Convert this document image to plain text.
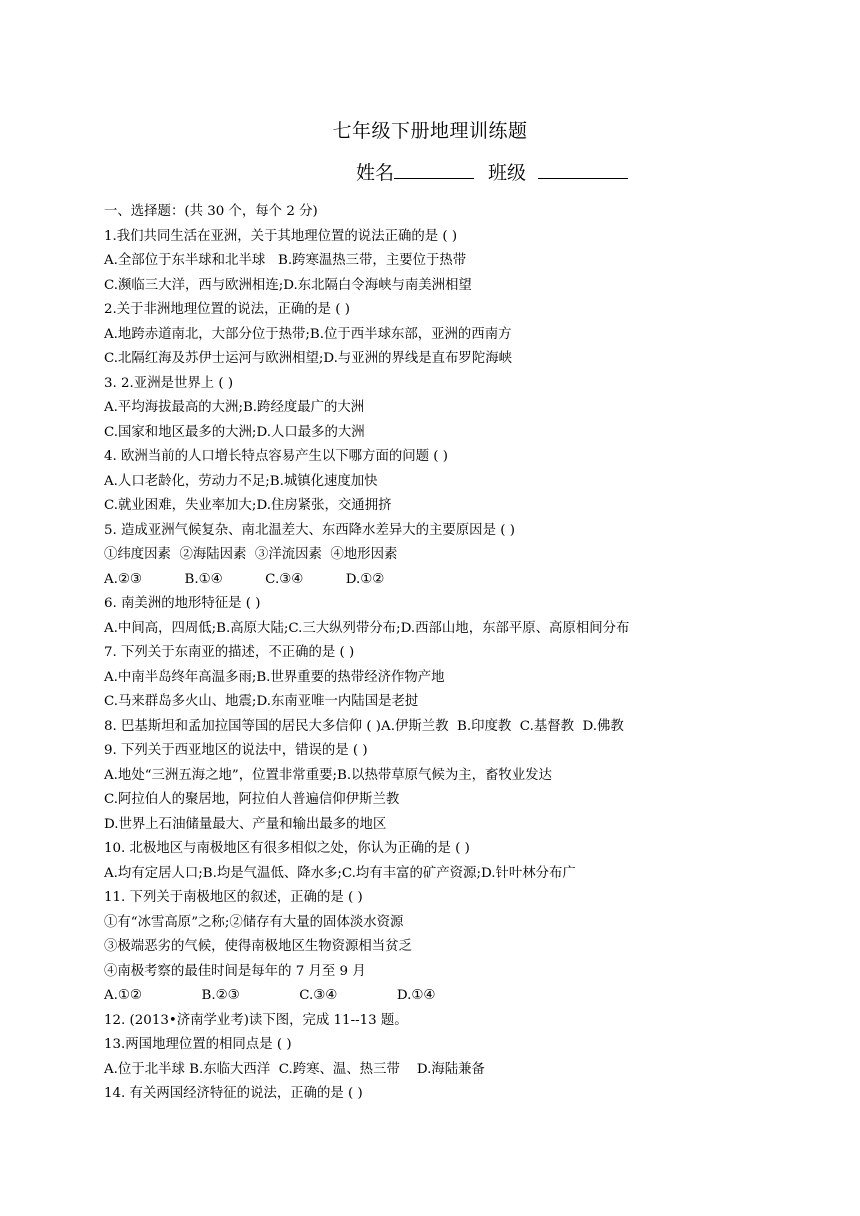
七年级下册地理训练题
姓名	班级
一、选择题：(共 30 个，每个 2 分)
1.我们共同生活在亚洲，关于其地理位置的说法正确的是 ( )
A.全部位于东半球和北半球   B.跨寒温热三带，主要位于热带
C.濒临三大洋，西与欧洲相连;D.东北隔白令海峡与南美洲相望
2.关于非洲地理位置的说法，正确的是 ( )
A.地跨赤道南北，大部分位于热带;B.位于西半球东部，亚洲的西南方
C.北隔红海及苏伊士运河与欧洲相望;D.与亚洲的界线是直布罗陀海峡
3. 2.亚洲是世界上 ( )
A.平均海拔最高的大洲;B.跨经度最广的大洲
C.国家和地区最多的大洲;D.人口最多的大洲
4. 欧洲当前的人口增长特点容易产生以下哪方面的问题 ( )
A.人口老龄化，劳动力不足;B.城镇化速度加快
C.就业困难，失业率加大;D.住房紧张，交通拥挤
5. 造成亚洲气候复杂、南北温差大、东西降水差异大的主要原因是 ( )
①纬度因素  ②海陆因素  ③洋流因素  ④地形因素
A.②③          B.①④          C.③④          D.①②
6. 南美洲的地形特征是 ( )
A.中间高，四周低;B.高原大陆;C.三大纵列带分布;D.西部山地，东部平原、高原相间分布
7. 下列关于东南亚的描述，不正确的是 ( )
A.中南半岛终年高温多雨;B.世界重要的热带经济作物产地
C.马来群岛多火山、地震;D.东南亚唯一内陆国是老挝
8. 巴基斯坦和孟加拉国等国的居民大多信仰 ( )A.伊斯兰教  B.印度教  C.基督教  D.佛教
9. 下列关于西亚地区的说法中，错误的是 ( )
A.地处“三洲五海之地”，位置非常重要;B.以热带草原气候为主，畜牧业发达
C.阿拉伯人的聚居地，阿拉伯人普遍信仰伊斯兰教
D.世界上石油储量最大、产量和输出最多的地区
10. 北极地区与南极地区有很多相似之处，你认为正确的是 ( )
A.均有定居人口;B.均是气温低、降水多;C.均有丰富的矿产资源;D.针叶林分布广
11. 下列关于南极地区的叙述，正确的是 ( )
①有“冰雪高原”之称;②储存有大量的固体淡水资源
③极端恶劣的气候，使得南极地区生物资源相当贫乏
④南极考察的最佳时间是每年的 7 月至 9 月
A.①②              B.②③              C.③④              D.①④
12. (2013•济南学业考)读下图，完成 11--13 题。
13.两国地理位置的相同点是 ( )
A.位于北半球 B.东临大西洋  C.跨寒、温、热三带    D.海陆兼备
14. 有关两国经济特征的说法，正确的是 ( )
